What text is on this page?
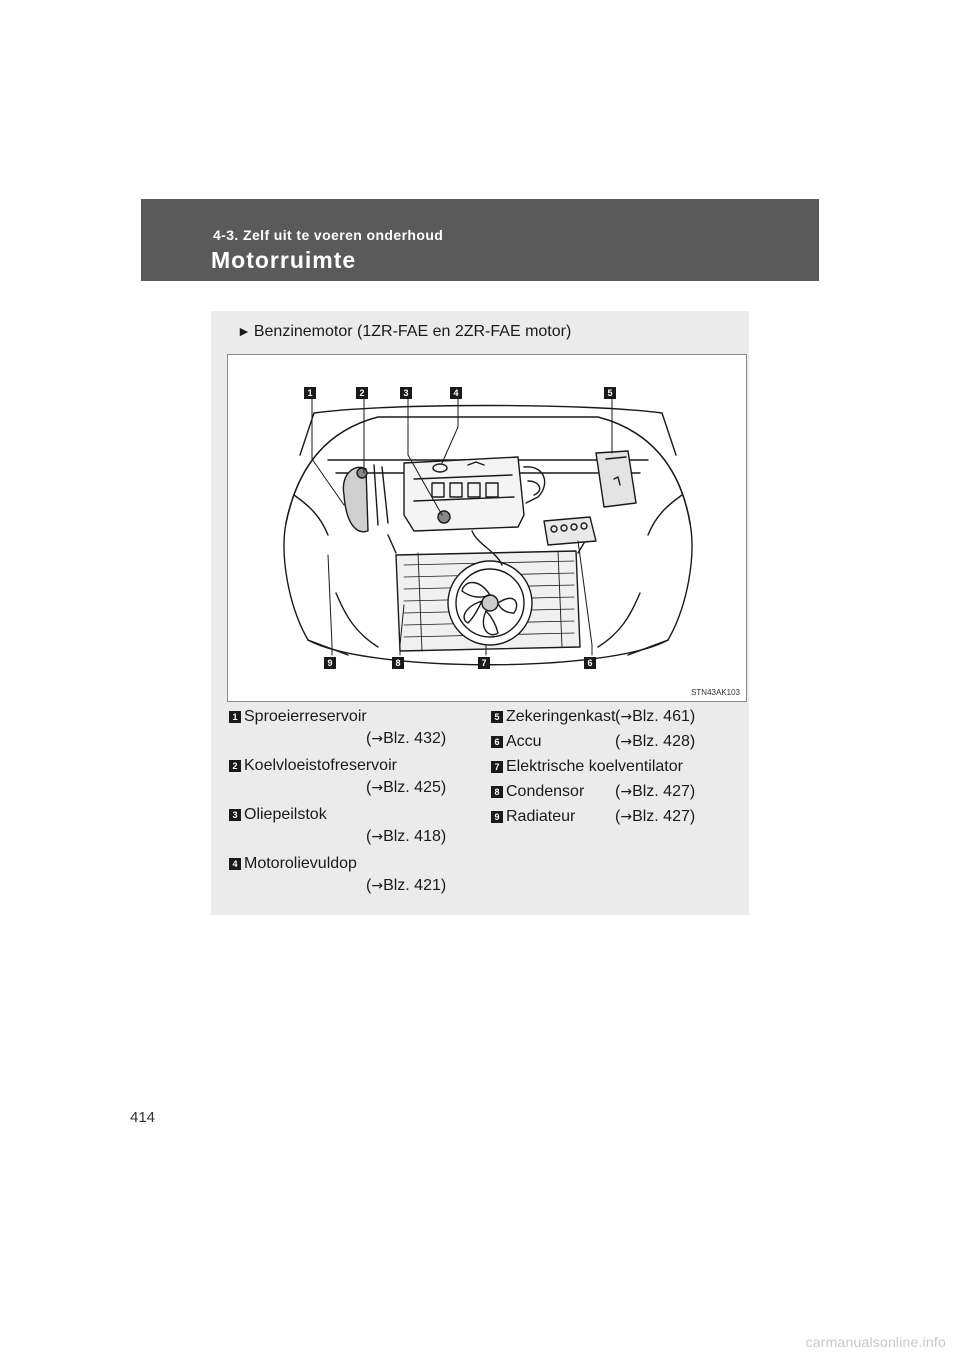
4-3. Zelf uit te voeren onderhoud
Motorruimte
► Benzinemotor (1ZR-FAE en 2ZR-FAE motor)
1	2	3	4	5
6
7
8
9
STN43AK103
1 Sproeierreservoir
(→Blz. 432)
2 Koelvloeistofreservoir
(→Blz. 425)
3 Oliepeilstok
(→Blz. 418)
4 Motorolievuldop
(→Blz. 421)
5 Zekeringenkast (→Blz. 461)
6 Accu	(→Blz. 428)
7 Elektrische koelventilator
8 Condensor (→Blz. 427)
9 Radiateur (→Blz. 427)
414
carmanualsonline.info
